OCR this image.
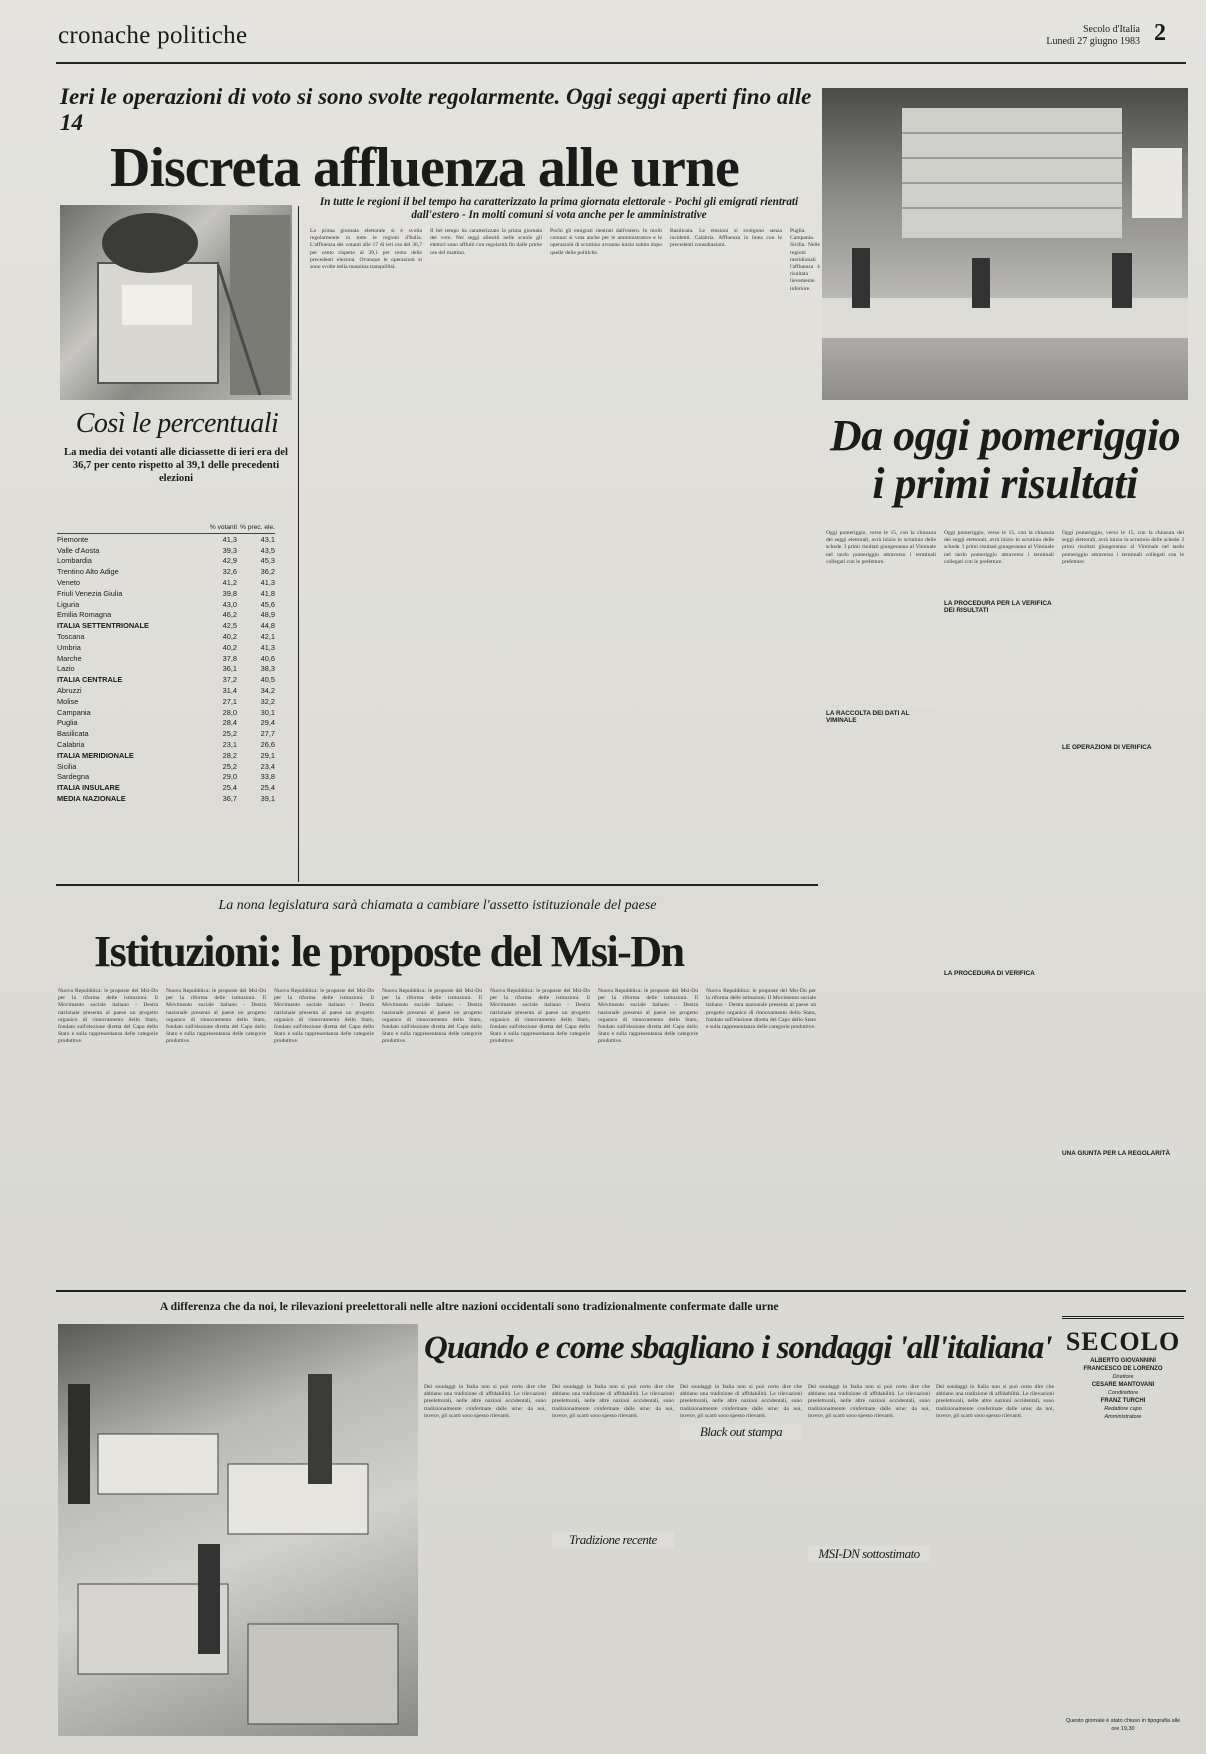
cronache politiche	Secolo d'Italia
Lunedì 27 giugno 1983 2
Ieri le operazioni di voto si sono svolte regolarmente. Oggi seggi aperti fino alle 14
Discreta affluenza alle urne
In tutte le regioni il bel tempo ha caratterizzato la prima giornata elettorale - Pochi gli emigrati rientrati dall'estero - In molti comuni si vota anche per le amministrative
La prima giornata elettorale si è svolta regolarmente in tutte le regioni d'Italia. L'affluenza dei votanti alle 17 di ieri era del 36,7 per cento rispetto al 39,1 per cento delle precedenti elezioni. Ovunque le operazioni si sono svolte nella massima tranquillità.
Il bel tempo ha caratterizzato la prima giornata del voto. Nei seggi allestiti nelle scuole gli elettori sono affluiti con regolarità fin dalle prime ore del mattino.
Pochi gli emigrati rientrati dall'estero. In molti comuni si vota anche per le amministrative e le operazioni di scrutinio avranno inizio subito dopo quelle delle politiche.
Basilicata. Le elezioni si svolgono senza incidenti. Calabria. Affluenza in linea con le precedenti consultazioni.
Puglia. Campania. Sicilia. Nelle regioni meridionali l'affluenza è risultata lievemente inferiore.
Così le percentuali
La media dei votanti alle diciassette di ieri era del 36,7 per cento rispetto al 39,1 delle precedenti elezioni
% votanti % prec. ele.
Piemonte	41,3	43,1
Valle d'Aosta	39,3	43,5
Lombardia	42,9	45,3
Trentino Alto Adige	32,6	36,2
Veneto	41,2	41,3
Friuli Venezia Giulia	39,8	41,8
Liguria	43,0	45,6
Emilia Romagna	46,2	48,9
ITALIA SETTENTRIONALE	42,5	44,8
Toscana	40,2	42,1
Umbria	40,2	41,3
Marche	37,8	40,6
Lazio	36,1	38,3
ITALIA CENTRALE	37,2	40,5
Abruzzi	31,4	34,2
Molise	27,1	32,2
Campania	28,0	30,1
Puglia	28,4	29,4
Basilicata	25,2	27,7
Calabria	23,1	26,6
ITALIA MERIDIONALE	28,2	29,1
Sicilia	25,2	23,4
Sardegna	29,0	33,8
ITALIA INSULARE	25,4	25,4
MEDIA NAZIONALE	36,7	39,1
Da oggi pomeriggio i primi risultati
Oggi pomeriggio, verso le 15, con la chiusura dei seggi elettorali, avrà inizio lo scrutinio delle schede. I primi risultati giungeranno al Viminale nel tardo pomeriggio attraverso i terminali collegati con le prefetture.
Oggi pomeriggio, verso le 15, con la chiusura dei seggi elettorali, avrà inizio lo scrutinio delle schede. I primi risultati giungeranno al Viminale nel tardo pomeriggio attraverso i terminali collegati con le prefetture.
Oggi pomeriggio, verso le 15, con la chiusura dei seggi elettorali, avrà inizio lo scrutinio delle schede. I primi risultati giungeranno al Viminale nel tardo pomeriggio attraverso i terminali collegati con le prefetture.
LA PROCEDURA PER LA VERIFICA DEI RISULTATI
LA RACCOLTA DEI DATI AL VIMINALE
LE OPERAZIONI DI VERIFICA
LA PROCEDURA DI VERIFICA
UNA GIUNTA PER LA REGOLARITÀ
La nona legislatura sarà chiamata a cambiare l'assetto istituzionale del paese
Istituzioni: le proposte del Msi-Dn
Nuova Repubblica: le proposte del Msi-Dn per la riforma delle istituzioni. Il Movimento sociale italiano - Destra nazionale presenta al paese un progetto organico di rinnovamento dello Stato, fondato sull'elezione diretta del Capo dello Stato e sulla rappresentanza delle categorie produttive.
Nuova Repubblica: le proposte del Msi-Dn per la riforma delle istituzioni. Il Movimento sociale italiano - Destra nazionale presenta al paese un progetto organico di rinnovamento dello Stato, fondato sull'elezione diretta del Capo dello Stato e sulla rappresentanza delle categorie produttive.
Nuova Repubblica: le proposte del Msi-Dn per la riforma delle istituzioni. Il Movimento sociale italiano - Destra nazionale presenta al paese un progetto organico di rinnovamento dello Stato, fondato sull'elezione diretta del Capo dello Stato e sulla rappresentanza delle categorie produttive.
Nuova Repubblica: le proposte del Msi-Dn per la riforma delle istituzioni. Il Movimento sociale italiano - Destra nazionale presenta al paese un progetto organico di rinnovamento dello Stato, fondato sull'elezione diretta del Capo dello Stato e sulla rappresentanza delle categorie produttive.
Nuova Repubblica: le proposte del Msi-Dn per la riforma delle istituzioni. Il Movimento sociale italiano - Destra nazionale presenta al paese un progetto organico di rinnovamento dello Stato, fondato sull'elezione diretta del Capo dello Stato e sulla rappresentanza delle categorie produttive.
Nuova Repubblica: le proposte del Msi-Dn per la riforma delle istituzioni. Il Movimento sociale italiano - Destra nazionale presenta al paese un progetto organico di rinnovamento dello Stato, fondato sull'elezione diretta del Capo dello Stato e sulla rappresentanza delle categorie produttive.
Nuova Repubblica: le proposte del Msi-Dn per la riforma delle istituzioni. Il Movimento sociale italiano - Destra nazionale presenta al paese un progetto organico di rinnovamento dello Stato, fondato sull'elezione diretta del Capo dello Stato e sulla rappresentanza delle categorie produttive.
A differenza che da noi, le rilevazioni preelettorali nelle altre nazioni occidentali sono tradizionalmente confermate dalle urne
Quando e come sbagliano i sondaggi 'all'italiana'
Dei sondaggi in Italia non si può certo dire che abbiano una tradizione di affidabilità. Le rilevazioni preelettorali, nelle altre nazioni occidentali, sono tradizionalmente confermate dalle urne; da noi, invece, gli scarti sono spesso rilevanti.
Dei sondaggi in Italia non si può certo dire che abbiano una tradizione di affidabilità. Le rilevazioni preelettorali, nelle altre nazioni occidentali, sono tradizionalmente confermate dalle urne; da noi, invece, gli scarti sono spesso rilevanti.
Dei sondaggi in Italia non si può certo dire che abbiano una tradizione di affidabilità. Le rilevazioni preelettorali, nelle altre nazioni occidentali, sono tradizionalmente confermate dalle urne; da noi, invece, gli scarti sono spesso rilevanti.
Dei sondaggi in Italia non si può certo dire che abbiano una tradizione di affidabilità. Le rilevazioni preelettorali, nelle altre nazioni occidentali, sono tradizionalmente confermate dalle urne; da noi, invece, gli scarti sono spesso rilevanti.
Dei sondaggi in Italia non si può certo dire che abbiano una tradizione di affidabilità. Le rilevazioni preelettorali, nelle altre nazioni occidentali, sono tradizionalmente confermate dalle urne; da noi, invece, gli scarti sono spesso rilevanti.
Tradizione recente
Black out stampa
MSI-DN sottostimato
SECOLO
ALBERTO GIOVANNINI
FRANCESCO DE LORENZO
Direttore
CESARE MANTOVANI
Condirettore
FRANZ TURCHI
Redattore capo
Amministratore
Questo giornale è stato chiuso in tipografia alle ore 19,30
